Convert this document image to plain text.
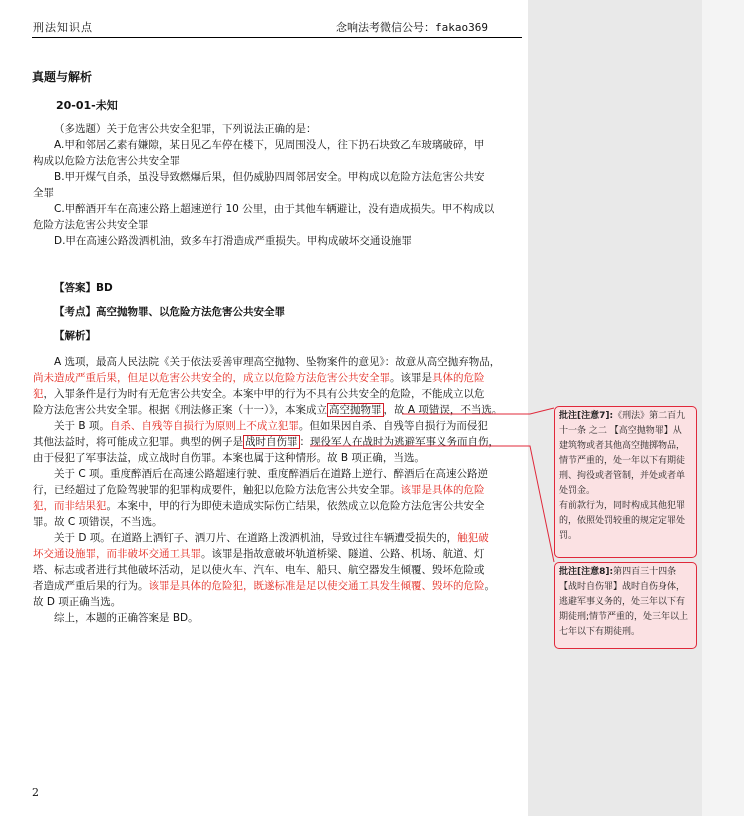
刑法知识点	念响法考微信公号：fakao369
真题与解析
20-01-未知
（多选题）关于危害公共安全犯罪，下列说法正确的是：
A.甲和邻居乙素有嫌隙，某日见乙车停在楼下，见周围没人，往下扔石块致乙车玻璃破碎，甲
构成以危险方法危害公共安全罪
B.甲开煤气自杀，虽没导致燃爆后果，但仍威胁四周邻居安全。甲构成以危险方法危害公共安
全罪
C.甲醉酒开车在高速公路上超速逆行 10 公里，由于其他车辆避让，没有造成损失。甲不构成以
危险方法危害公共安全罪
D.甲在高速公路泼洒机油，致多车打滑造成严重损失。甲构成破坏交通设施罪
【答案】BD
【考点】高空抛物罪、以危险方法危害公共安全罪
【解析】
A 选项，最高人民法院《关于依法妥善审理高空抛物、坠物案件的意见》：故意从高空抛弃物品，
尚未造成严重后果，但足以危害公共安全的，成立以危险方法危害公共安全罪。该罪是具体的危险
犯，入罪条件是行为时有无危害公共安全。本案中甲的行为不具有公共安全的危险，不能成立以危
险方法危害公共安全罪。根据《刑法修正案（十一）》，本案成立 高空抛物罪 ，故 A 项错误，不当选。
关于 B 项。自杀、自残等自损行为原则上不成立犯罪。但如果因自杀、自残等自损行为而侵犯
其他法益时，将可能成立犯罪。典型的例子是 战时自伤罪 ：现役军人在战时为逃避军事义务而自伤，
由于侵犯了军事法益，成立战时自伤罪。本案也属于这种情形。故 B 项正确，当选。
关于 C 项。重度醉酒后在高速公路超速行驶、重度醉酒后在道路上逆行、醉酒后在高速公路逆
行，已经超过了危险驾驶罪的犯罪构成要件，触犯以危险方法危害公共安全罪。该罪是具体的危险
犯，而非结果犯。本案中，甲的行为即使未造成实际伤亡结果，依然成立以危险方法危害公共安全
罪。故 C 项错误，不当选。
关于 D 项。在道路上洒钉子、洒刀片、在道路上泼洒机油，导致过往车辆遭受损失的，触犯破
坏交通设施罪，而非破坏交通工具罪。该罪是指故意破坏轨道桥梁、隧道、公路、机场、航道、灯
塔、标志或者进行其他破坏活动，足以使火车、汽车、电车、船只、航空器发生倾覆、毁坏危险或
者造成严重后果的行为。该罪是具体的危险犯，既遂标准是足以使交通工具发生倾覆、毁坏的危险。
故 D 项正确当选。
综上，本题的正确答案是 BD。
2
批注[注意7]:《刑法》第二百九
十一条 之二 【高空抛物罪】从
建筑物或者其他高空抛掷物品，
情节严重的，处一年以下有期徒
刑、拘役或者管制，并处或者单
处罚金。
有前款行为，同时构成其他犯罪
的，依照处罚较重的规定定罪处
罚。
批注[注意8]:第四百三十四条
【战时自伤罪】战时自伤身体，
逃避军事义务的，处三年以下有
期徒刑;情节严重的，处三年以上
七年以下有期徒刑。
